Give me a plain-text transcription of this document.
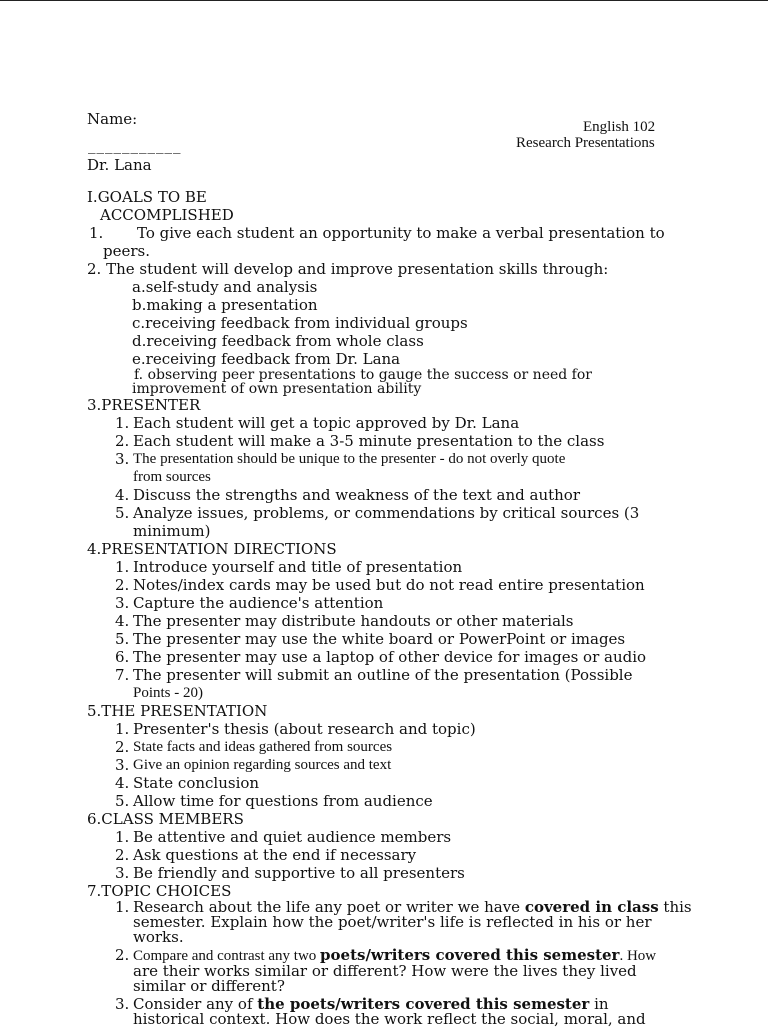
Name:
___________
Dr. Lana
English 102
Research Presentations
I.GOALS TO BE
ACCOMPLISHED
1.	To give each student an opportunity to make a verbal presentation to
peers.
2. The student will develop and improve presentation skills through:
a.self-study and analysis
b.making a presentation
c.receiving feedback from individual groups
d.receiving feedback from whole class
e.receiving feedback from Dr. Lana
f. observing peer presentations to gauge the success or need for
improvement of own presentation ability
3.PRESENTER
1. Each student will get a topic approved by Dr. Lana
2. Each student will make a 3-5 minute presentation to the class
3. The presentation should be unique to the presenter - do not overly quote
from sources
4. Discuss the strengths and weakness of the text and author
5. Analyze issues, problems, or commendations by critical sources (3
minimum)
4.PRESENTATION DIRECTIONS
1. Introduce yourself and title of presentation
2. Notes/index cards may be used but do not read entire presentation
3. Capture the audience's attention
4. The presenter may distribute handouts or other materials
5. The presenter may use the white board or PowerPoint or images
6. The presenter may use a laptop of other device for images or audio
7. The presenter will submit an outline of the presentation (Possible
Points - 20)
5.THE PRESENTATION
1. Presenter's thesis (about research and topic)
2. State facts and ideas gathered from sources
3. Give an opinion regarding sources and text
4. State conclusion
5. Allow time for questions from audience
6.CLASS MEMBERS
1. Be attentive and quiet audience members
2. Ask questions at the end if necessary
3. Be friendly and supportive to all presenters
7.TOPIC CHOICES
1. Research about the life any poet or writer we have covered in class this
semester. Explain how the poet/writer's life is reflected in his or her
works.
2. Compare and contrast any two poets/writers covered this semester. How
are their works similar or different? How were the lives they lived
similar or different?
3. Consider any of the poets/writers covered this semester in
historical context. How does the work reflect the social, moral, and
